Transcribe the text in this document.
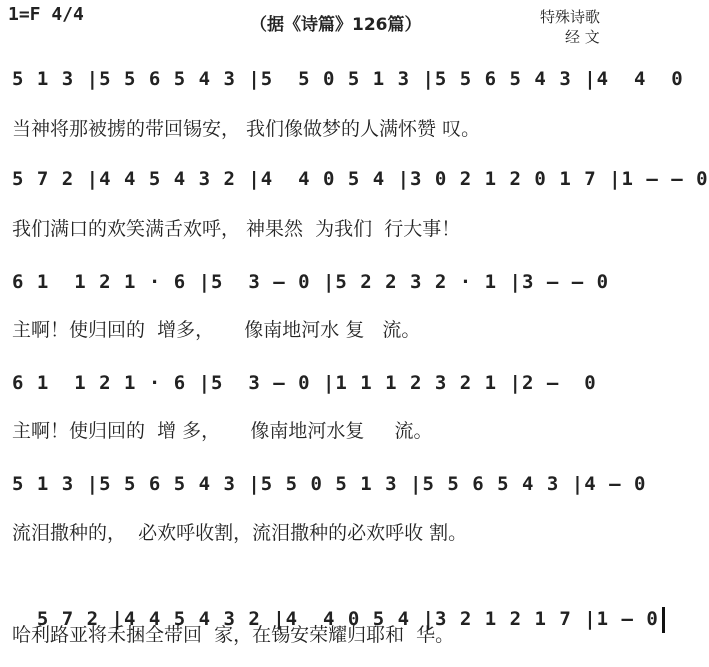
1=F 4/4	（据《诗篇》126篇）	特殊诗歌
经 文
5 1 3 |5 5 6 5 4 3 |5  5 0 5 1 3 |5 5 6 5 4 3 |4  4  0
当神将那被掳的带回锡安， 我们像做梦的人满怀赞 叹。
5 7 2 |4 4 5 4 3 2 |4  4 0 5 4 |3 0 2 1 2 0 1 7 |1 — — 0
我们满口的欢笑满舌欢呼， 神果然  为我们  行大事！
6 1  1 2 1 · 6 |5  3 — 0 |5 2 2 3 2 · 1 |3 — — 0
主啊！使归回的  增多，     像南地河水 复   流。
6 1  1 2 1 · 6 |5  3 — 0 |1 1 1 2 3 2 1 |2 —  0
主啊！使归回的  增 多，     像南地河水复     流。
5 1 3 |5 5 6 5 4 3 |5 5 0 5 1 3 |5 5 6 5 4 3 |4 — 0
流泪撒种的，  必欢呼收割，流泪撒种的必欢呼收 割。

5 7 2 |4 4 5 4 3 2 |4  4 0 5 4 |3 2 1 2 1 7 |1 — 0

哈利路亚将禾捆全带回  家，在锡安荣耀归耶和  华。
